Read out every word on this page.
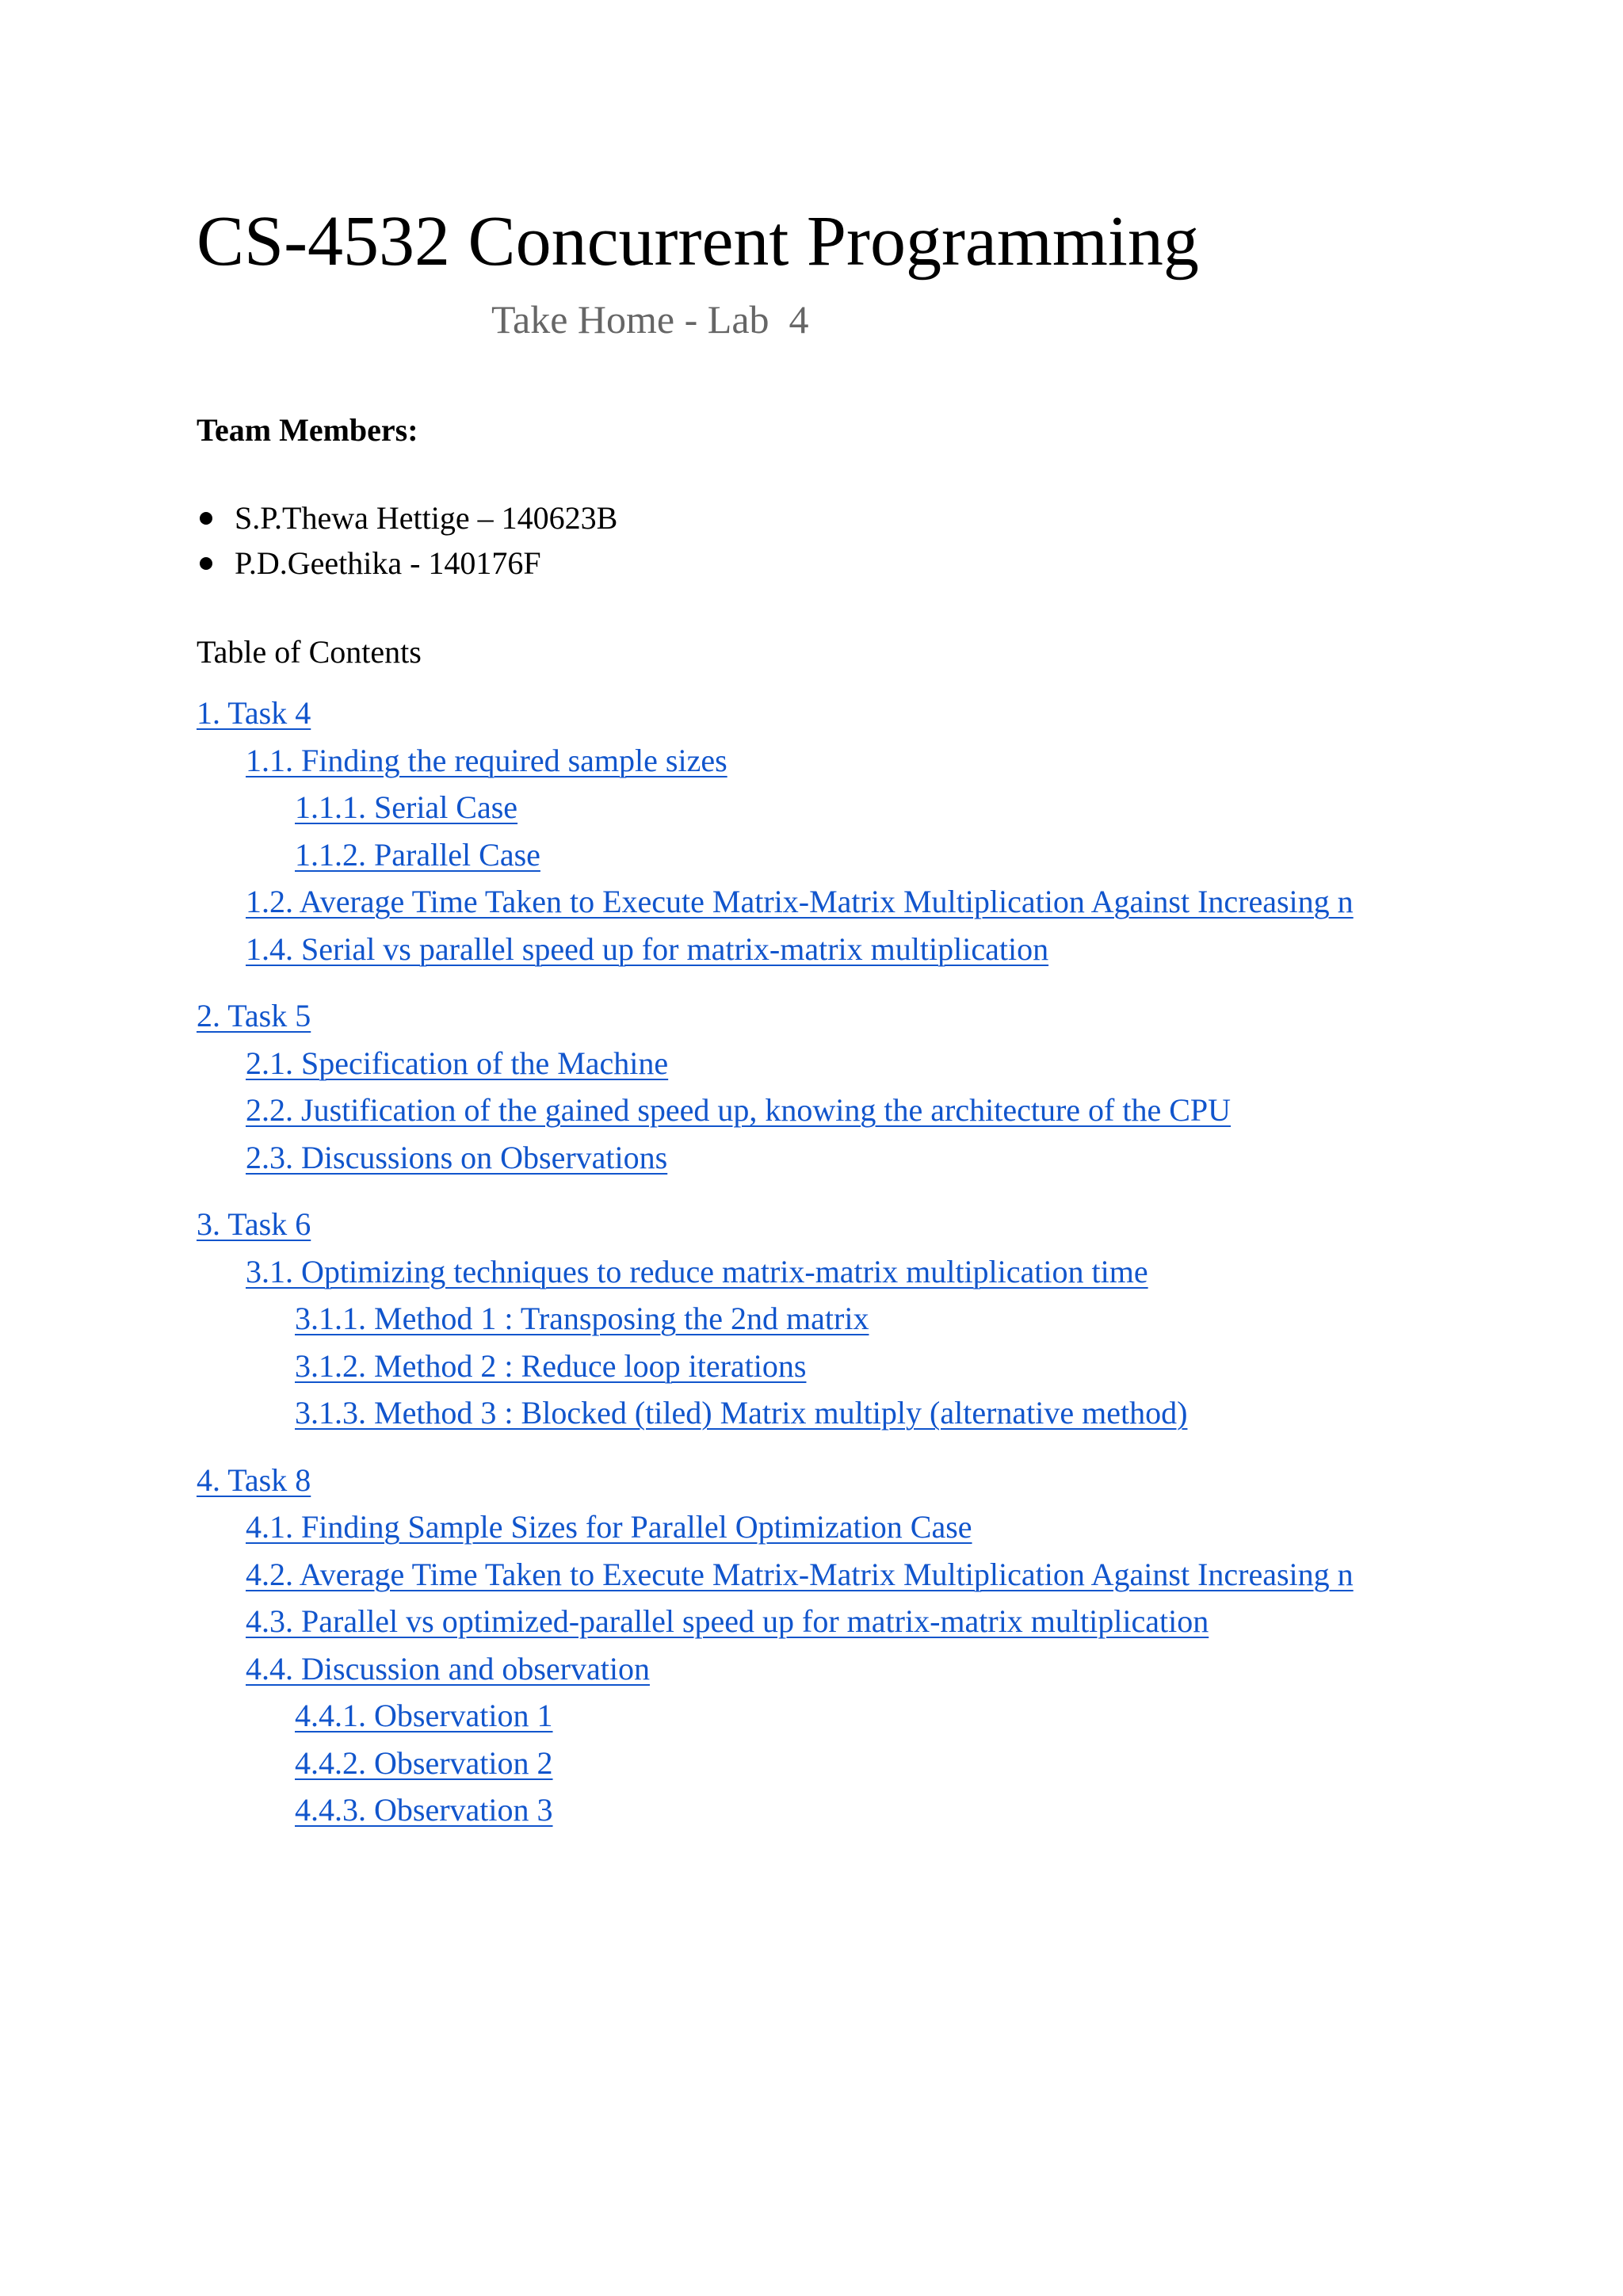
CS-4532 Concurrent Programming
Take Home - Lab  4
Team Members:
S.P.Thewa Hettige – 140623B
P.D.Geethika - 140176F
Table of Contents
1. Task 4
1.1. Finding the required sample sizes
1.1.1. Serial Case
1.1.2. Parallel Case
1.2. Average Time Taken to Execute Matrix-Matrix Multiplication Against Increasing n
1.4. Serial vs parallel speed up for matrix-matrix multiplication
2. Task 5
2.1. Specification of the Machine
2.2. Justification of the gained speed up, knowing the architecture of the CPU
2.3. Discussions on Observations
3. Task 6
3.1. Optimizing techniques to reduce matrix-matrix multiplication time
3.1.1. Method 1 : Transposing the 2nd matrix
3.1.2. Method 2 : Reduce loop iterations
3.1.3. Method 3 : Blocked (tiled) Matrix multiply (alternative method)
4. Task 8
4.1. Finding Sample Sizes for Parallel Optimization Case
4.2. Average Time Taken to Execute Matrix-Matrix Multiplication Against Increasing n
4.3. Parallel vs optimized-parallel speed up for matrix-matrix multiplication
4.4. Discussion and observation
4.4.1. Observation 1
4.4.2. Observation 2
4.4.3. Observation 3
